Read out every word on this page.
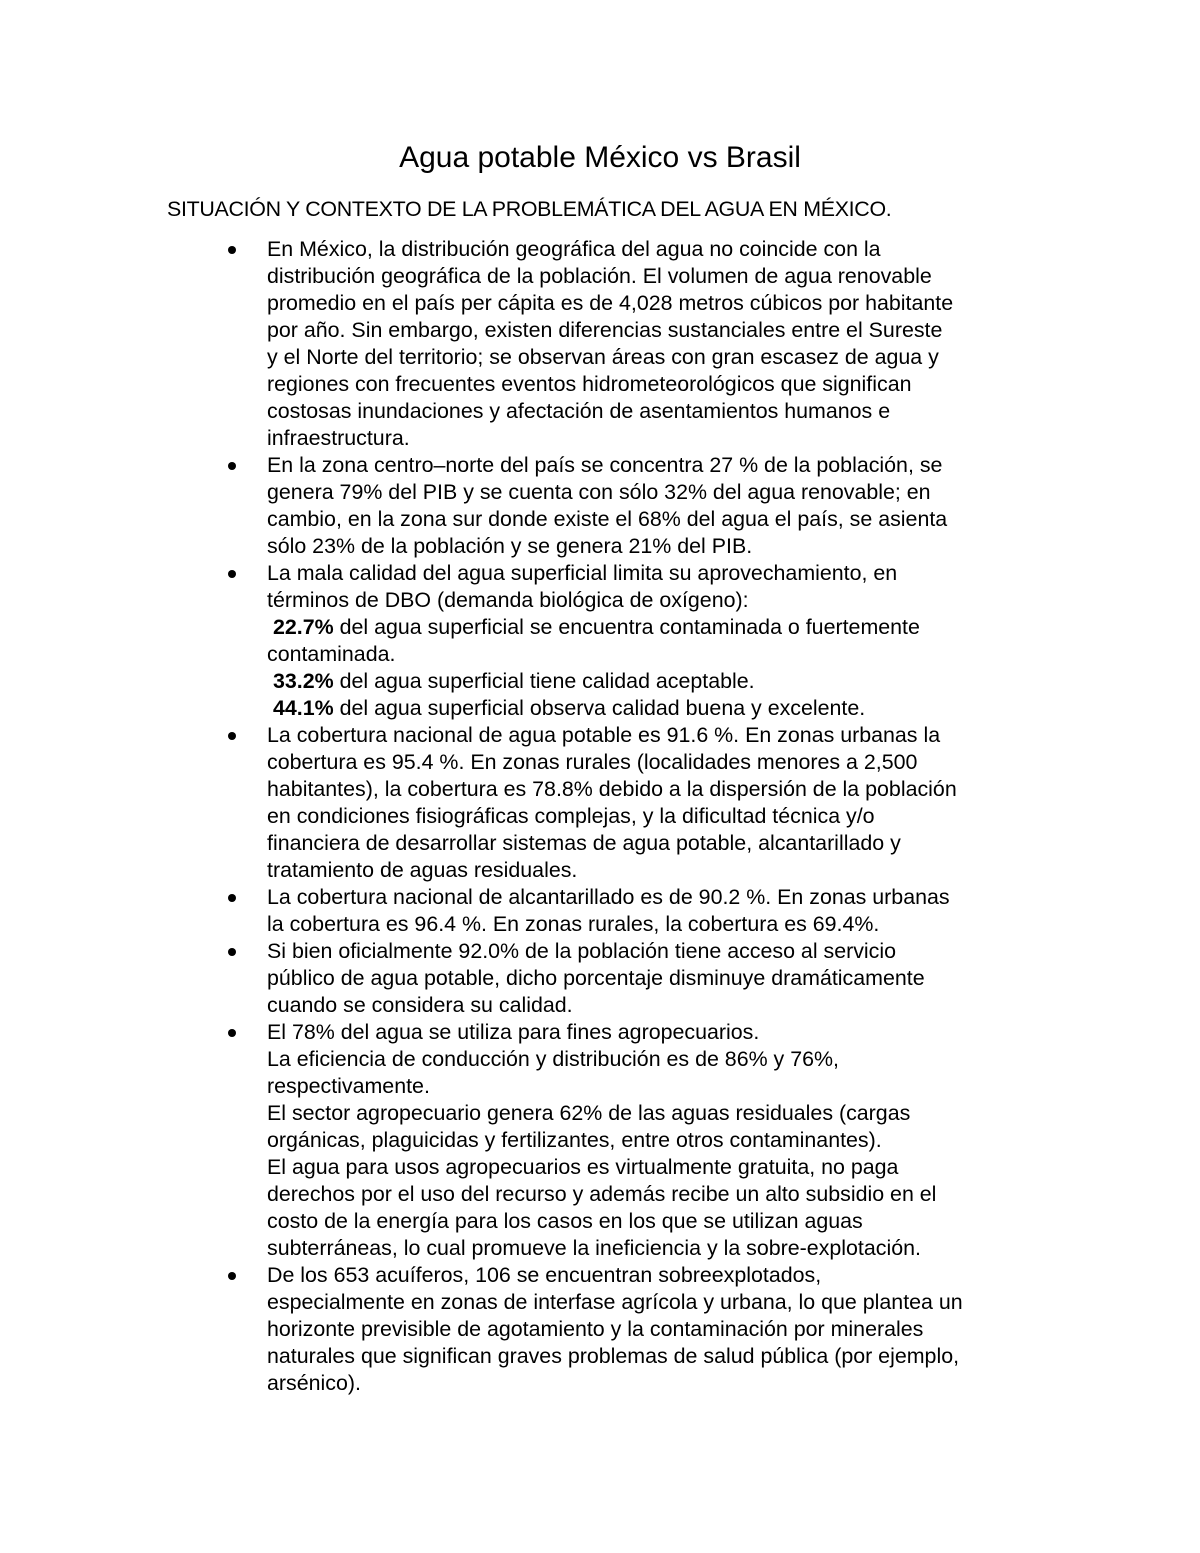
Agua potable México vs Brasil

SITUACIÓN Y CONTEXTO DE LA PROBLEMÁTICA DEL AGUA EN MÉXICO.

En México, la distribución geográfica del agua no coincide con la
distribución geográfica de la población. El volumen de agua renovable
promedio en el país per cápita es de 4,028 metros cúbicos por habitante
por año. Sin embargo, existen diferencias sustanciales entre el Sureste
y el Norte del territorio; se observan áreas con gran escasez de agua y
regiones con frecuentes eventos hidrometeorológicos que significan
costosas inundaciones y afectación de asentamientos humanos e
infraestructura.
En la zona centro–norte del país se concentra 27 % de la población, se
genera 79% del PIB y se cuenta con sólo 32% del agua renovable; en
cambio, en la zona sur donde existe el 68% del agua el país, se asienta
sólo 23% de la población y se genera 21% del PIB.
La mala calidad del agua superficial limita su aprovechamiento, en
términos de DBO (demanda biológica de oxígeno):
22.7% del agua superficial se encuentra contaminada o fuertemente
contaminada.
33.2% del agua superficial tiene calidad aceptable.
44.1% del agua superficial observa calidad buena y excelente.
La cobertura nacional de agua potable es 91.6 %. En zonas urbanas la
cobertura es 95.4 %. En zonas rurales (localidades menores a 2,500
habitantes), la cobertura es 78.8% debido a la dispersión de la población
en condiciones fisiográficas complejas, y la dificultad técnica y/o
financiera de desarrollar sistemas de agua potable, alcantarillado y
tratamiento de aguas residuales.
La cobertura nacional de alcantarillado es de 90.2 %. En zonas urbanas
la cobertura es 96.4 %. En zonas rurales, la cobertura es 69.4%.
Si bien oficialmente 92.0% de la población tiene acceso al servicio
público de agua potable, dicho porcentaje disminuye dramáticamente
cuando se considera su calidad.
El 78% del agua se utiliza para fines agropecuarios.
La eficiencia de conducción y distribución es de 86% y 76%,
respectivamente.
El sector agropecuario genera 62% de las aguas residuales (cargas
orgánicas, plaguicidas y fertilizantes, entre otros contaminantes).
El agua para usos agropecuarios es virtualmente gratuita, no paga
derechos por el uso del recurso y además recibe un alto subsidio en el
costo de la energía para los casos en los que se utilizan aguas
subterráneas, lo cual promueve la ineficiencia y la sobre-explotación.
De los 653 acuíferos, 106 se encuentran sobreexplotados,
especialmente en zonas de interfase agrícola y urbana, lo que plantea un
horizonte previsible de agotamiento y la contaminación por minerales
naturales que significan graves problemas de salud pública (por ejemplo,
arsénico).
